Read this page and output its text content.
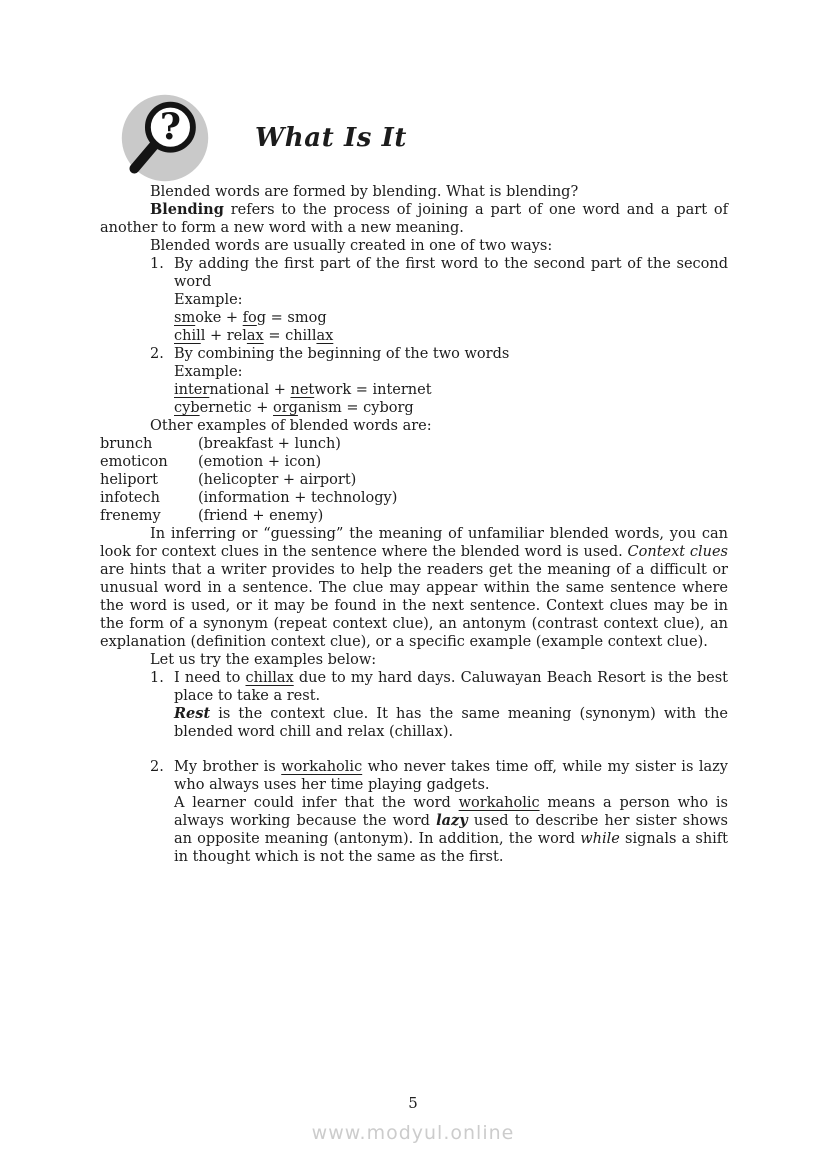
?	What Is It

Blended words are formed by blending. What is blending?

Blending refers to the process of joining a part of one word and a part of another to form a new word with a new meaning.

Blended words are usually created in one of two ways:

1. By adding the first part of the first word to the second part of the second word

Example:

smoke + fog = smog

chill + relax = chillax

2. By combining the beginning of the two words

Example:

international + network = internet

cybernetic + organism = cyborg

Other examples of blended words are:

brunch	(breakfast + lunch)

emoticon (emotion + icon)

heliport	(helicopter + airport)

infotech	(information + technology)

frenemy	(friend + enemy)

In inferring or “guessing” the meaning of unfamiliar blended words, you can look for context clues in the sentence where the blended word is used. Context clues are hints that a writer provides to help the readers get the meaning of a difficult or unusual word in a sentence. The clue may appear within the same sentence where the word is used, or it may be found in the next sentence. Context clues may be in the form of a synonym (repeat context clue), an antonym (contrast context clue), an explanation (definition context clue), or a specific example (example context clue).

Let us try the examples below:

1. I need to chillax due to my hard days. Caluwayan Beach Resort is the best place to take a rest.

Rest is the context clue. It has the same meaning (synonym) with the blended word chill and relax (chillax).

2. My brother is workaholic who never takes time off, while my sister is lazy who always uses her time playing gadgets.

A learner could infer that the word workaholic means a person who is always working because the word lazy used to describe her sister shows an opposite meaning (antonym). In addition, the word while signals a shift in thought which is not the same as the first.

5
www.modyul.online
